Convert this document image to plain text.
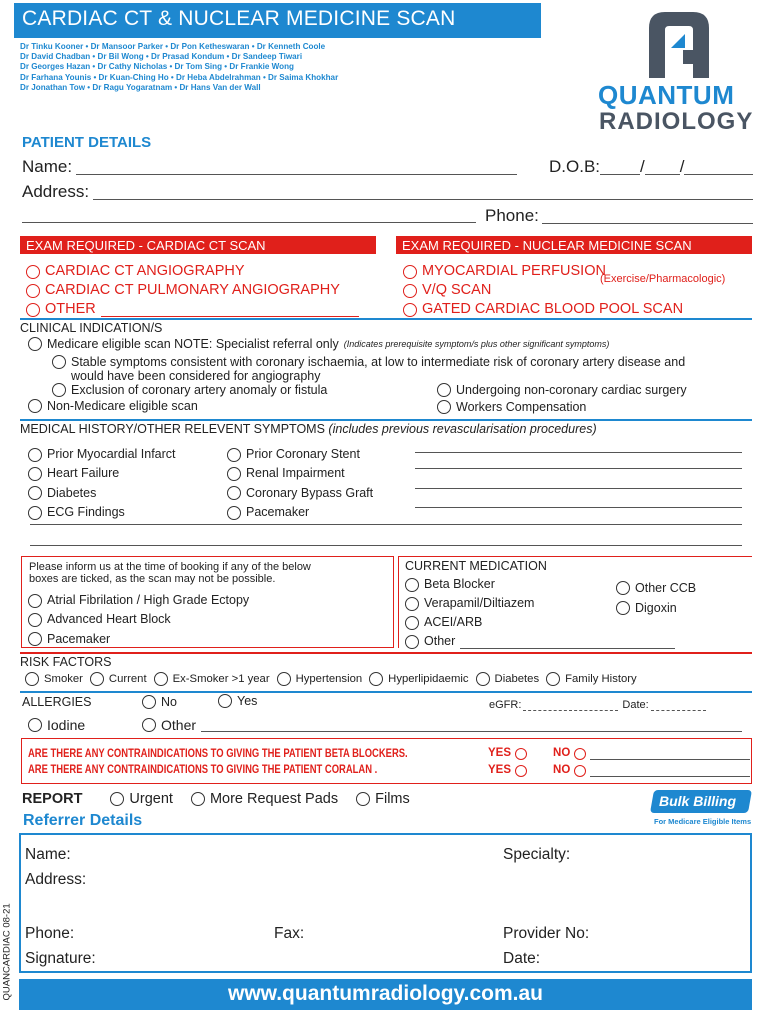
CARDIAC CT & NUCLEAR MEDICINE SCAN
Dr Tinku Kooner • Dr Mansoor Parker • Dr Pon Ketheswaran • Dr Kenneth Coole
Dr David Chadban • Dr Bil Wong • Dr Prasad Kondum • Dr Sandeep Tiwari
Dr Georges Hazan • Dr Cathy Nicholas • Dr Tom Sing • Dr Frankie Wong
Dr Farhana Younis • Dr Kuan-Ching Ho • Dr Heba Abdelrahman • Dr Saima Khokhar
Dr Jonathan Tow • Dr Ragu Yogaratnam • Dr Hans Van der Wall	QUANTUM
RADIOLOGY
PATIENT DETAILS
Name:	D.O.B: / /
Address:
Phone:
EXAM REQUIRED - CARDIAC CT SCAN
CARDIAC CT ANGIOGRAPHY
CARDIAC CT PULMONARY ANGIOGRAPHY
OTHER
EXAM REQUIRED - NUCLEAR MEDICINE SCAN
MYOCARDIAL PERFUSION
V/Q SCAN
GATED CARDIAC BLOOD POOL SCAN
(Exercise/Pharmacologic)
CLINICAL INDICATION/S
Medicare eligible scan NOTE: Specialist referral only (Indicates prerequisite symptom/s plus other significant symptoms)
Stable symptoms consistent with coronary ischaemia, at low to intermediate risk of coronary artery disease and
would have been considered for angiography
Exclusion of coronary artery anomaly or fistula
Non-Medicare eligible scan
Undergoing non-coronary cardiac surgery
Workers Compensation
MEDICAL HISTORY/OTHER RELEVENT SYMPTOMS (includes previous revascularisation procedures)
Prior Myocardial Infarct
Heart Failure
Diabetes
ECG Findings
Prior Coronary Stent
Renal Impairment
Coronary Bypass Graft
Pacemaker
Please inform us at the time of booking if any of the below
boxes are ticked, as the scan may not be possible.
Atrial Fibrilation / High Grade Ectopy
Advanced Heart Block
Pacemaker
CURRENT MEDICATION
Beta Blocker
Verapamil/Diltiazem
ACEI/ARB
Other
Other CCB
Digoxin
RISK FACTORS
Smoker Current Ex-Smoker >1 year Hypertension Hyperlipidaemic Diabetes Family History
ALLERGIES	No	Yes	eGFR:	Date:
Iodine	Other
ARE THERE ANY CONTRAINDICATIONS TO GIVING THE PATIENT BETA BLOCKERS.
ARE THERE ANY CONTRAINDICATIONS TO GIVING THE PATIENT CORALAN .
YES	NO
YES	NO
REPORT	Urgent	More Request Pads	Films	Bulk Billing
For Medicare Eligible Items
Referrer Details
Name:	Specialty:
Address:
Phone:	Fax:	Provider No:
Signature:	Date:
QUANCARDIAC 08-21	www.quantumradiology.com.au
